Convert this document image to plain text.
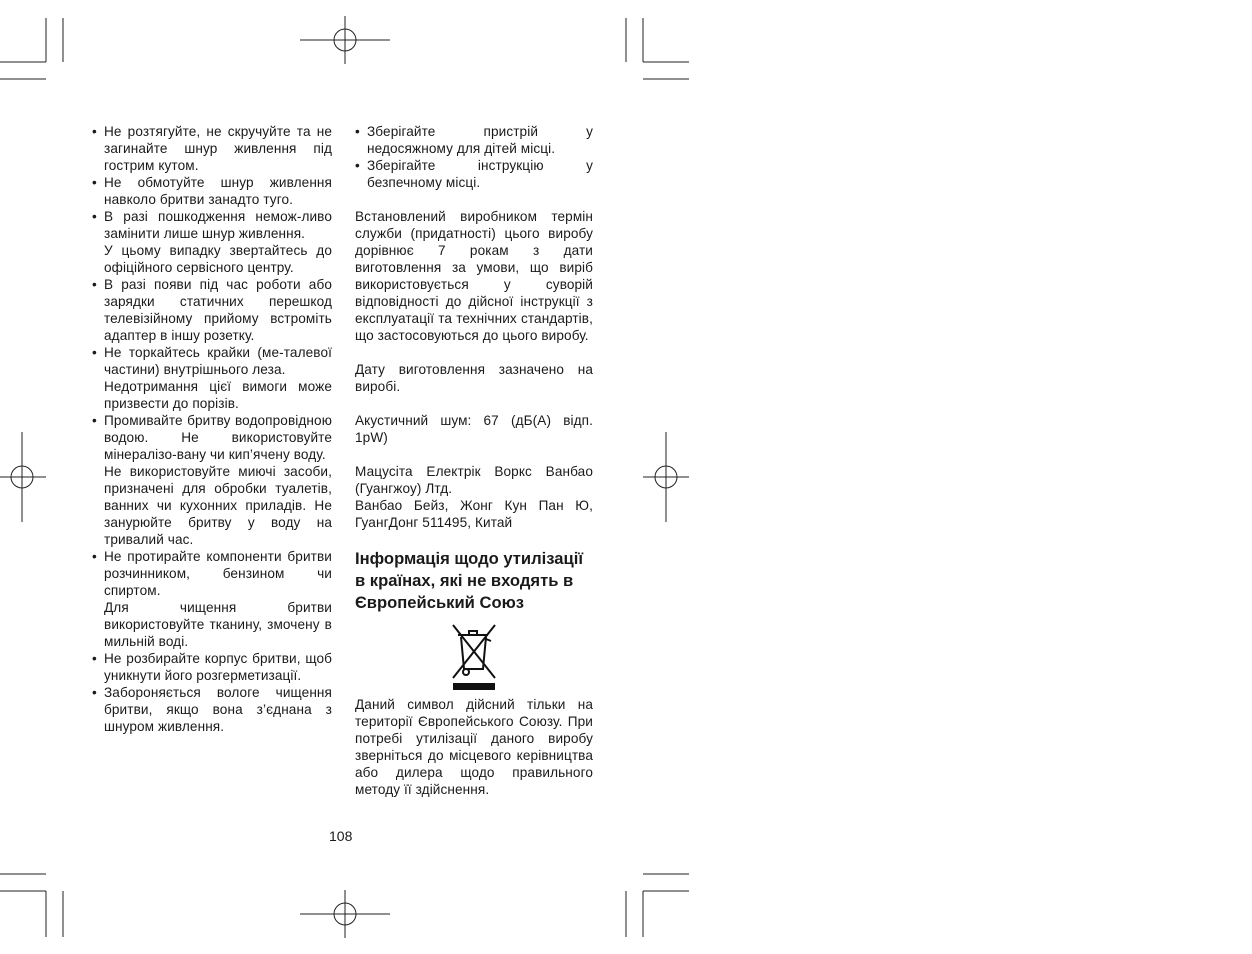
• Не розтягуйте, не скручуйте та не загинайте шнур живлення під гострим кутом.

• Не обмотуйте шнур живлення навколо бритви занадто туго.

• В разі пошкодження немож-ливо замінити лише шнур живлення.

У цьому випадку звертайтесь до офіційного сервісного центру.

• В разі появи під час роботи або зарядки статичних перешкод телевізійному прийому встроміть адаптер в іншу розетку.

• Не торкайтесь крайки (ме-талевої частини) внутрішнього леза.

Недотримання цієї вимоги може призвести до порізів.

• Промивайте бритву водопровідною водою. Не використовуйте мінералізо-вану чи кип’ячену воду.

Не використовуйте миючі засоби, призначені для обробки туалетів, ванних чи кухонних приладів. Не занурюйте бритву у воду на тривалий час.

• Не протирайте компоненти бритви розчинником, бензином чи спиртом.

Для чищення бритви використовуйте тканину, змочену в мильній воді.

• Не розбирайте корпус бритви, щоб уникнути його розгерметизації.

• Забороняється вологе чищення бритви, якщо вона з’єднана з шнуром живлення.

• Зберігайте пристрій у недосяжному для дітей місці.

• Зберігайте інструкцію у безпечному місці.

Встановлений виробником термін служби (придатності) цього виробу дорівнює 7 рокам з дати виготовлення за умови, що виріб використовується у суворій відповідності до дійсної інструкції з експлуатації та технічних стандартів, що застосовуються до цього виробу.

Дату виготовлення зазначено на виробі.

Акустичний шум: 67 (дБ(A) відп. 1pW)

Мацусіта Електрік Воркс Ванбао (Гуангжоу) Лтд.

Ванбао Бейз, Жонг Кун Пан Ю, ГуангДонг 511495, Китай

Інформація щодо утилізації в країнах, які не входять в Європейський Союз

Даний символ дійсний тільки на території Європейського Союзу. При потребі утилізації даного виробу зверніться до місцевого керівництва або дилера щодо правильного методу її здійснення.

108
